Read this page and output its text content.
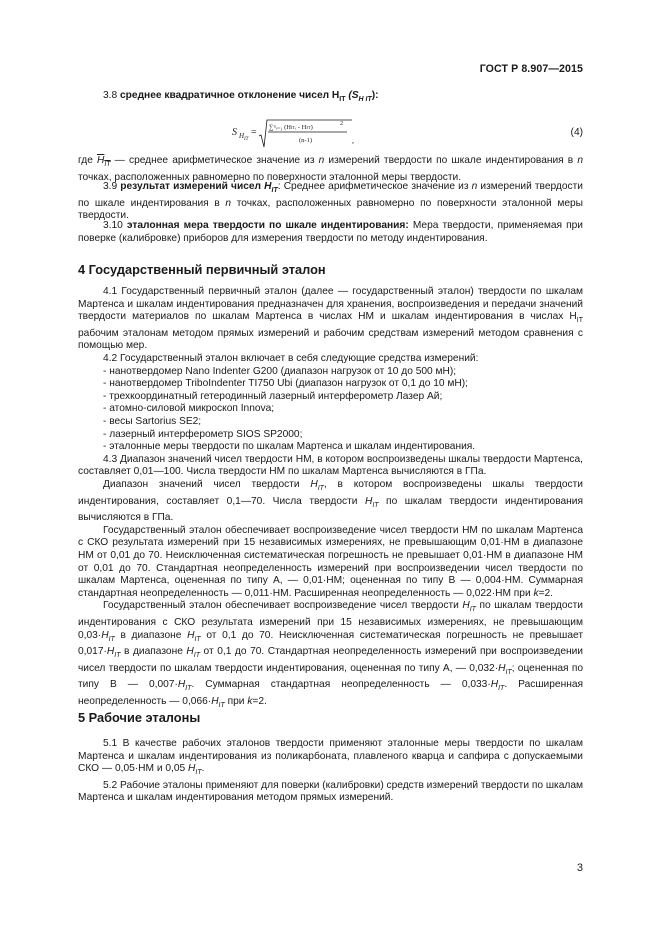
ГОСТ Р 8.907—2015

3.8 среднее квадратичное отклонение чисел $H_{IT}$ $(S_{H IT})$:

S H IT
= ∑ⁿᵢ₌₁ (HITᵢ - HIT)	2
(n-1)	,
(4)

где $\overline{H}_{\overline{IT}}$ — среднее арифметическое значение из n измерений твердости по шкале индентирования в n точках, расположенных равномерно по поверхности эталонной меры твердости.

3.9 результат измерений чисел $H_{IT}$: Среднее арифметическое значение из n измерений твердости по шкале индентирования в n точках, расположенных равномерно по поверхности эталонной меры твердости.

3.10 эталонная мера твердости по шкале индентирования: Мера твердости, применяемая при поверке (калибровке) приборов для измерения твердости по методу индентирования.

4 Государственный первичный эталон

4.1 Государственный первичный эталон (далее — государственный эталон) твердости по шкалам Мартенса и шкалам индентирования предназначен для хранения, воспроизведения и передачи значений твердости материалов по шкалам Мартенса в числах НМ и шкалам индентирования в числах $H_{IT}$ рабочим эталонам методом прямых измерений и рабочим средствам измерений методом сравнения с помощью мер.

4.2 Государственный эталон включает в себя следующие средства измерений:

- нанотвердомер Nano Indenter G200 (диапазон нагрузок от 10 до 500 мН);

- нанотвердомер TriboIndenter TI750 Ubi (диапазон нагрузок от 0,1 до 10 мН);

- трехкоординатный гетеродинный лазерный интерферометр Лазер Ай;

- атомно-силовой микроскоп Innova;

- весы Sartorius SE2;

- лазерный интерферометр SIOS SP2000;

- эталонные меры твердости по шкалам Мартенса и шкалам индентирования.

4.3 Диапазон значений чисел твердости НМ, в котором воспроизведены шкалы твердости Мартенса, составляет 0,01—100. Числа твердости НМ по шкалам Мартенса вычисляются в ГПа.

Диапазон значений чисел твердости $H_{IT}$, в котором воспроизведены шкалы твердости индентирования, составляет 0,1—70. Числа твердости $H_{IT}$ по шкалам твердости индентирования вычисляются в ГПа.

Государственный эталон обеспечивает воспроизведение чисел твердости НМ по шкалам Мартенса с СКО результата измерений при 15 независимых измерениях, не превышающим 0,01·НМ в диапазоне НМ от 0,01 до 70. Неисключенная систематическая погрешность не превышает 0,01·НМ в диапазоне НМ от 0,01 до 70. Стандартная неопределенность измерений при воспроизведении чисел твердости по шкалам Мартенса, оцененная по типу А, — 0,01·НМ; оцененная по типу В — 0,004·НМ. Суммарная стандартная неопределенность — 0,011·НМ. Расширенная неопределенность — 0,022·НМ при k=2.

Государственный эталон обеспечивает воспроизведение чисел твердости $H_{IT}$ по шкалам твердости индентирования с СКО результата измерений при 15 независимых измерениях, не превышающим $0,03\cdot H_{IT}$ в диапазоне $H_{IT}$ от 0,1 до 70. Неисключенная систематическая погрешность не превышает $0,017\cdot H_{IT}$ в диапазоне $H_{IT}$ от 0,1 до 70. Стандартная неопределенность измерений при воспроизведении чисел твердости по шкалам твердости индентирования, оцененная по типу А, — $0,032\cdot H_{IT}$; оцененная по типу В — $0,007\cdot H_{IT}$. Суммарная стандартная неопределенность — $0,033\cdot H_{IT}$. Расширенная неопределенность — $0,066\cdot H_{IT}$ при k=2.

5 Рабочие эталоны

5.1 В качестве рабочих эталонов твердости применяют эталонные меры твердости по шкалам Мартенса и шкалам индентирования из поликарбоната, плавленого кварца и сапфира с допускаемыми СКО — 0,05·НМ и 0,05 $H_{IT}$.

5.2 Рабочие эталоны применяют для поверки (калибровки) средств измерений твердости по шкалам Мартенса и шкалам индентирования методом прямых измерений.

3
